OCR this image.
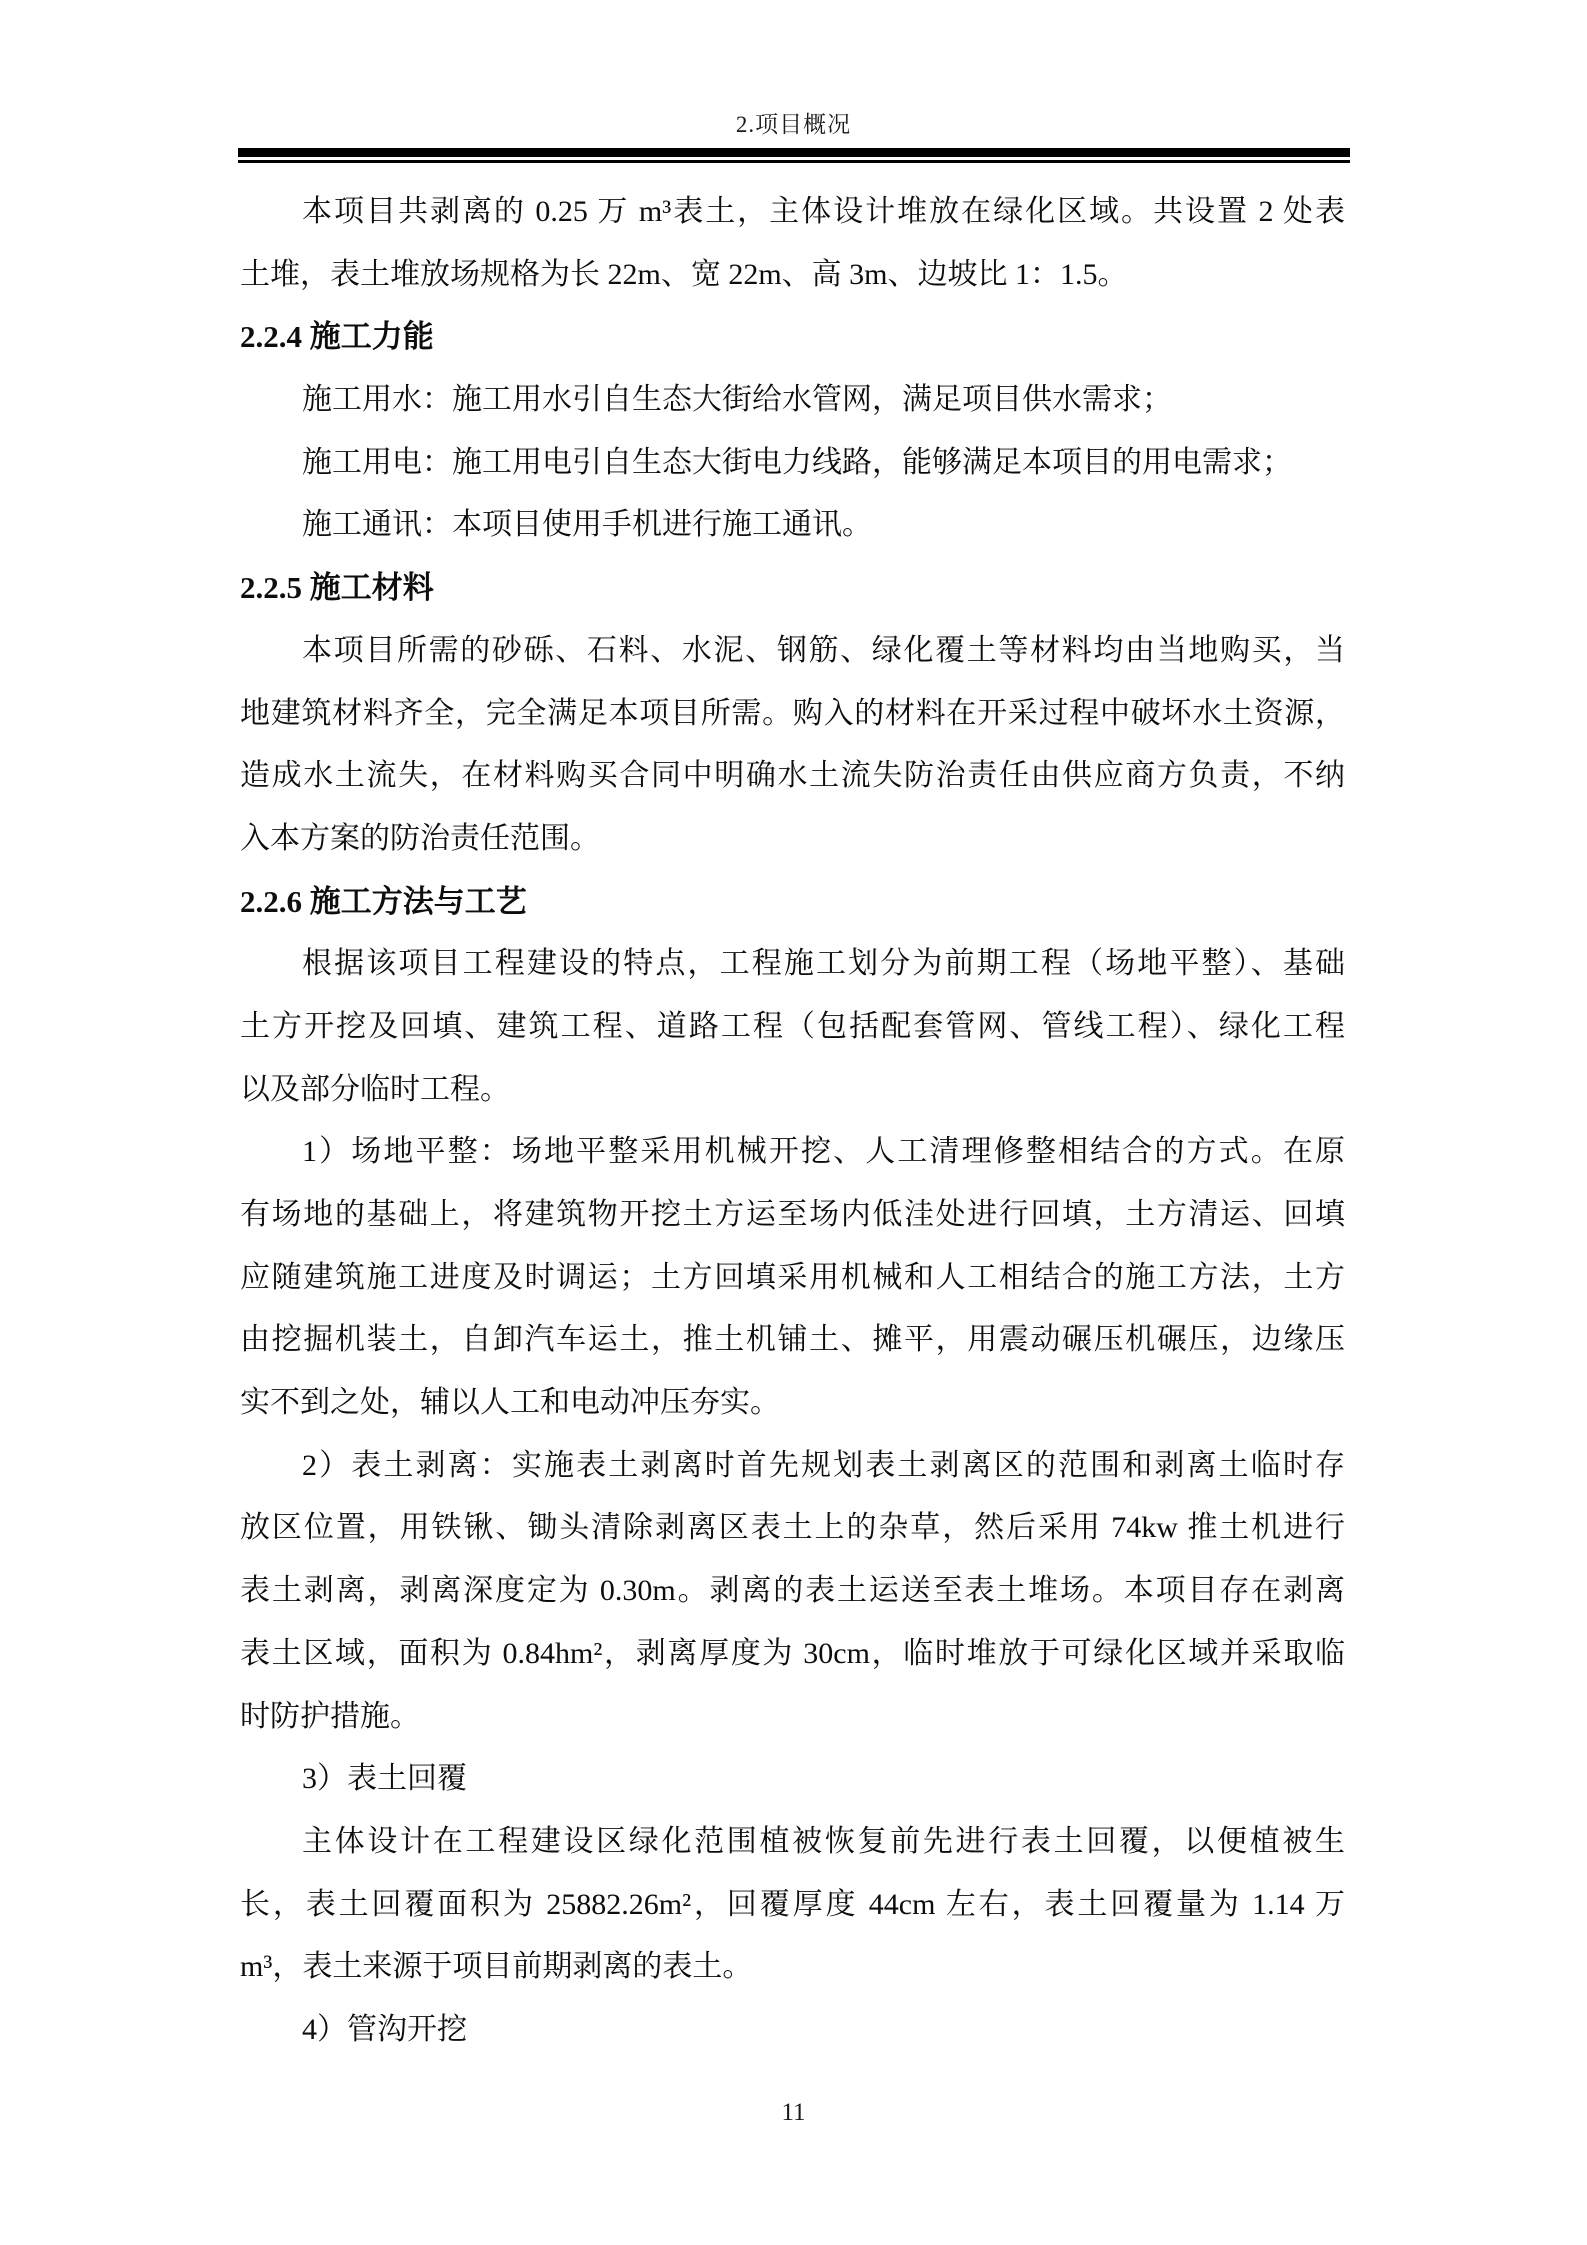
2.项目概况
本项目共剥离的 0.25 万 m³表土，主体设计堆放在绿化区域。共设置 2 处表
土堆，表土堆放场规格为长 22m、宽 22m、高 3m、边坡比 1：1.5。
2.2.4 施工力能
施工用水：施工用水引自生态大街给水管网，满足项目供水需求；
施工用电：施工用电引自生态大街电力线路，能够满足本项目的用电需求；
施工通讯：本项目使用手机进行施工通讯。
2.2.5 施工材料
本项目所需的砂砾、石料、水泥、钢筋、绿化覆土等材料均由当地购买，当
地建筑材料齐全，完全满足本项目所需。购入的材料在开采过程中破坏水土资源，
造成水土流失，在材料购买合同中明确水土流失防治责任由供应商方负责，不纳
入本方案的防治责任范围。
2.2.6 施工方法与工艺
根据该项目工程建设的特点，工程施工划分为前期工程（场地平整）、基础
土方开挖及回填、建筑工程、道路工程（包括配套管网、管线工程）、绿化工程
以及部分临时工程。
1）场地平整：场地平整采用机械开挖、人工清理修整相结合的方式。在原
有场地的基础上，将建筑物开挖土方运至场内低洼处进行回填，土方清运、回填
应随建筑施工进度及时调运；土方回填采用机械和人工相结合的施工方法，土方
由挖掘机装土，自卸汽车运土，推土机铺土、摊平，用震动碾压机碾压，边缘压
实不到之处，辅以人工和电动冲压夯实。
2）表土剥离：实施表土剥离时首先规划表土剥离区的范围和剥离土临时存
放区位置，用铁锹、锄头清除剥离区表土上的杂草，然后采用 74kw 推土机进行
表土剥离，剥离深度定为 0.30m。剥离的表土运送至表土堆场。本项目存在剥离
表土区域，面积为 0.84hm²，剥离厚度为 30cm，临时堆放于可绿化区域并采取临
时防护措施。
3）表土回覆
主体设计在工程建设区绿化范围植被恢复前先进行表土回覆，以便植被生
长，表土回覆面积为 25882.26m²，回覆厚度 44cm 左右，表土回覆量为 1.14 万
m³，表土来源于项目前期剥离的表土。
4）管沟开挖
11
